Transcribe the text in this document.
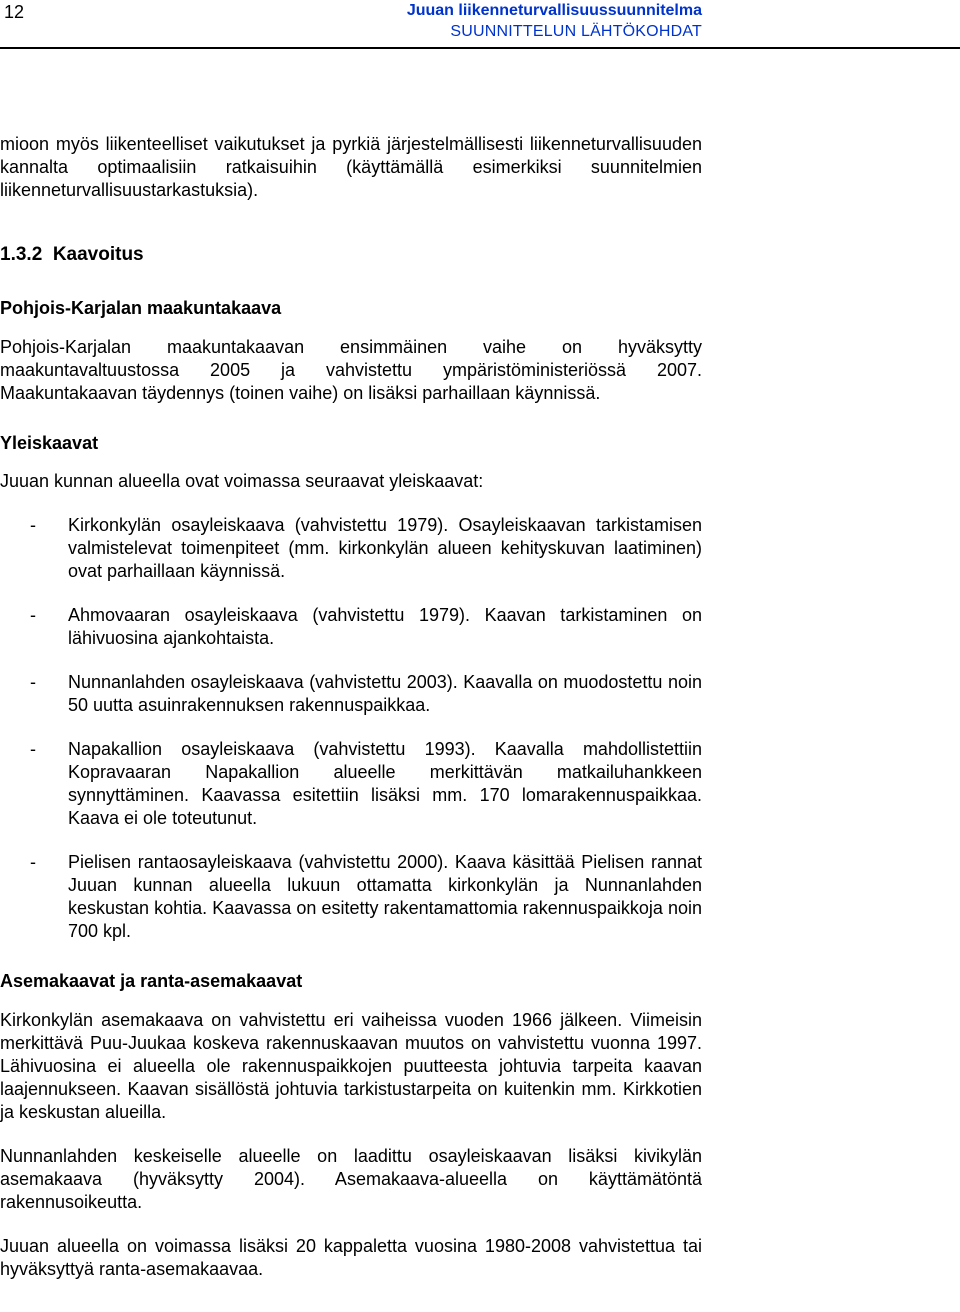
12	Juuan liikenneturvallisuussuunnitelma
SUUNNITTELUN LÄHTÖKOHDAT

mioon myös liikenteelliset vaikutukset ja pyrkiä järjestelmällisesti liikenneturvallisuuden kannalta optimaalisiin ratkaisuihin (käyttämällä esimerkiksi suunnitelmien liikenneturvallisuustarkastuksia).

1.3.2  Kaavoitus

Pohjois-Karjalan maakuntakaava

Pohjois-Karjalan maakuntakaavan ensimmäinen vaihe on hyväksytty maakuntavaltuustossa 2005 ja vahvistettu ympäristöministeriössä 2007. Maakuntakaavan täydennys (toinen vaihe) on lisäksi parhaillaan käynnissä.

Yleiskaavat

Juuan kunnan alueella ovat voimassa seuraavat yleiskaavat:

- Kirkonkylän osayleiskaava (vahvistettu 1979). Osayleiskaavan tarkistamisen valmistelevat toimenpiteet (mm. kirkonkylän alueen kehityskuvan laatiminen) ovat parhaillaan käynnissä.
- Ahmovaaran osayleiskaava (vahvistettu 1979). Kaavan tarkistaminen on lähivuosina ajankohtaista.
- Nunnanlahden osayleiskaava (vahvistettu 2003). Kaavalla on muodostettu noin 50 uutta asuinrakennuksen rakennuspaikkaa.
- Napakallion osayleiskaava (vahvistettu 1993). Kaavalla mahdollistettiin Kopravaaran Napakallion alueelle merkittävän matkailuhankkeen synnyttäminen. Kaavassa esitettiin lisäksi mm. 170 lomarakennuspaikkaa. Kaava ei ole toteutunut.
- Pielisen rantaosayleiskaava (vahvistettu 2000). Kaava käsittää Pielisen rannat Juuan kunnan alueella lukuun ottamatta kirkonkylän ja Nunnanlahden keskustan kohtia. Kaavassa on esitetty rakentamattomia rakennuspaikkoja noin 700 kpl.

Asemakaavat ja ranta-asemakaavat

Kirkonkylän asemakaava on vahvistettu eri vaiheissa vuoden 1966 jälkeen. Viimeisin merkittävä Puu-Juukaa koskeva rakennuskaavan muutos on vahvistettu vuonna 1997. Lähivuosina ei alueella ole rakennuspaikkojen puutteesta johtuvia tarpeita kaavan laajennukseen. Kaavan sisällöstä johtuvia tarkistustarpeita on kuitenkin mm. Kirkkotien ja keskustan alueilla.

Nunnanlahden keskeiselle alueelle on laadittu osayleiskaavan lisäksi kivikylän asemakaava (hyväksytty 2004). Asemakaava-alueella on käyttämätöntä rakennusoikeutta.

Juuan alueella on voimassa lisäksi 20 kappaletta vuosina 1980-2008 vahvistettua tai hyväksyttyä ranta-asemakaavaa.
